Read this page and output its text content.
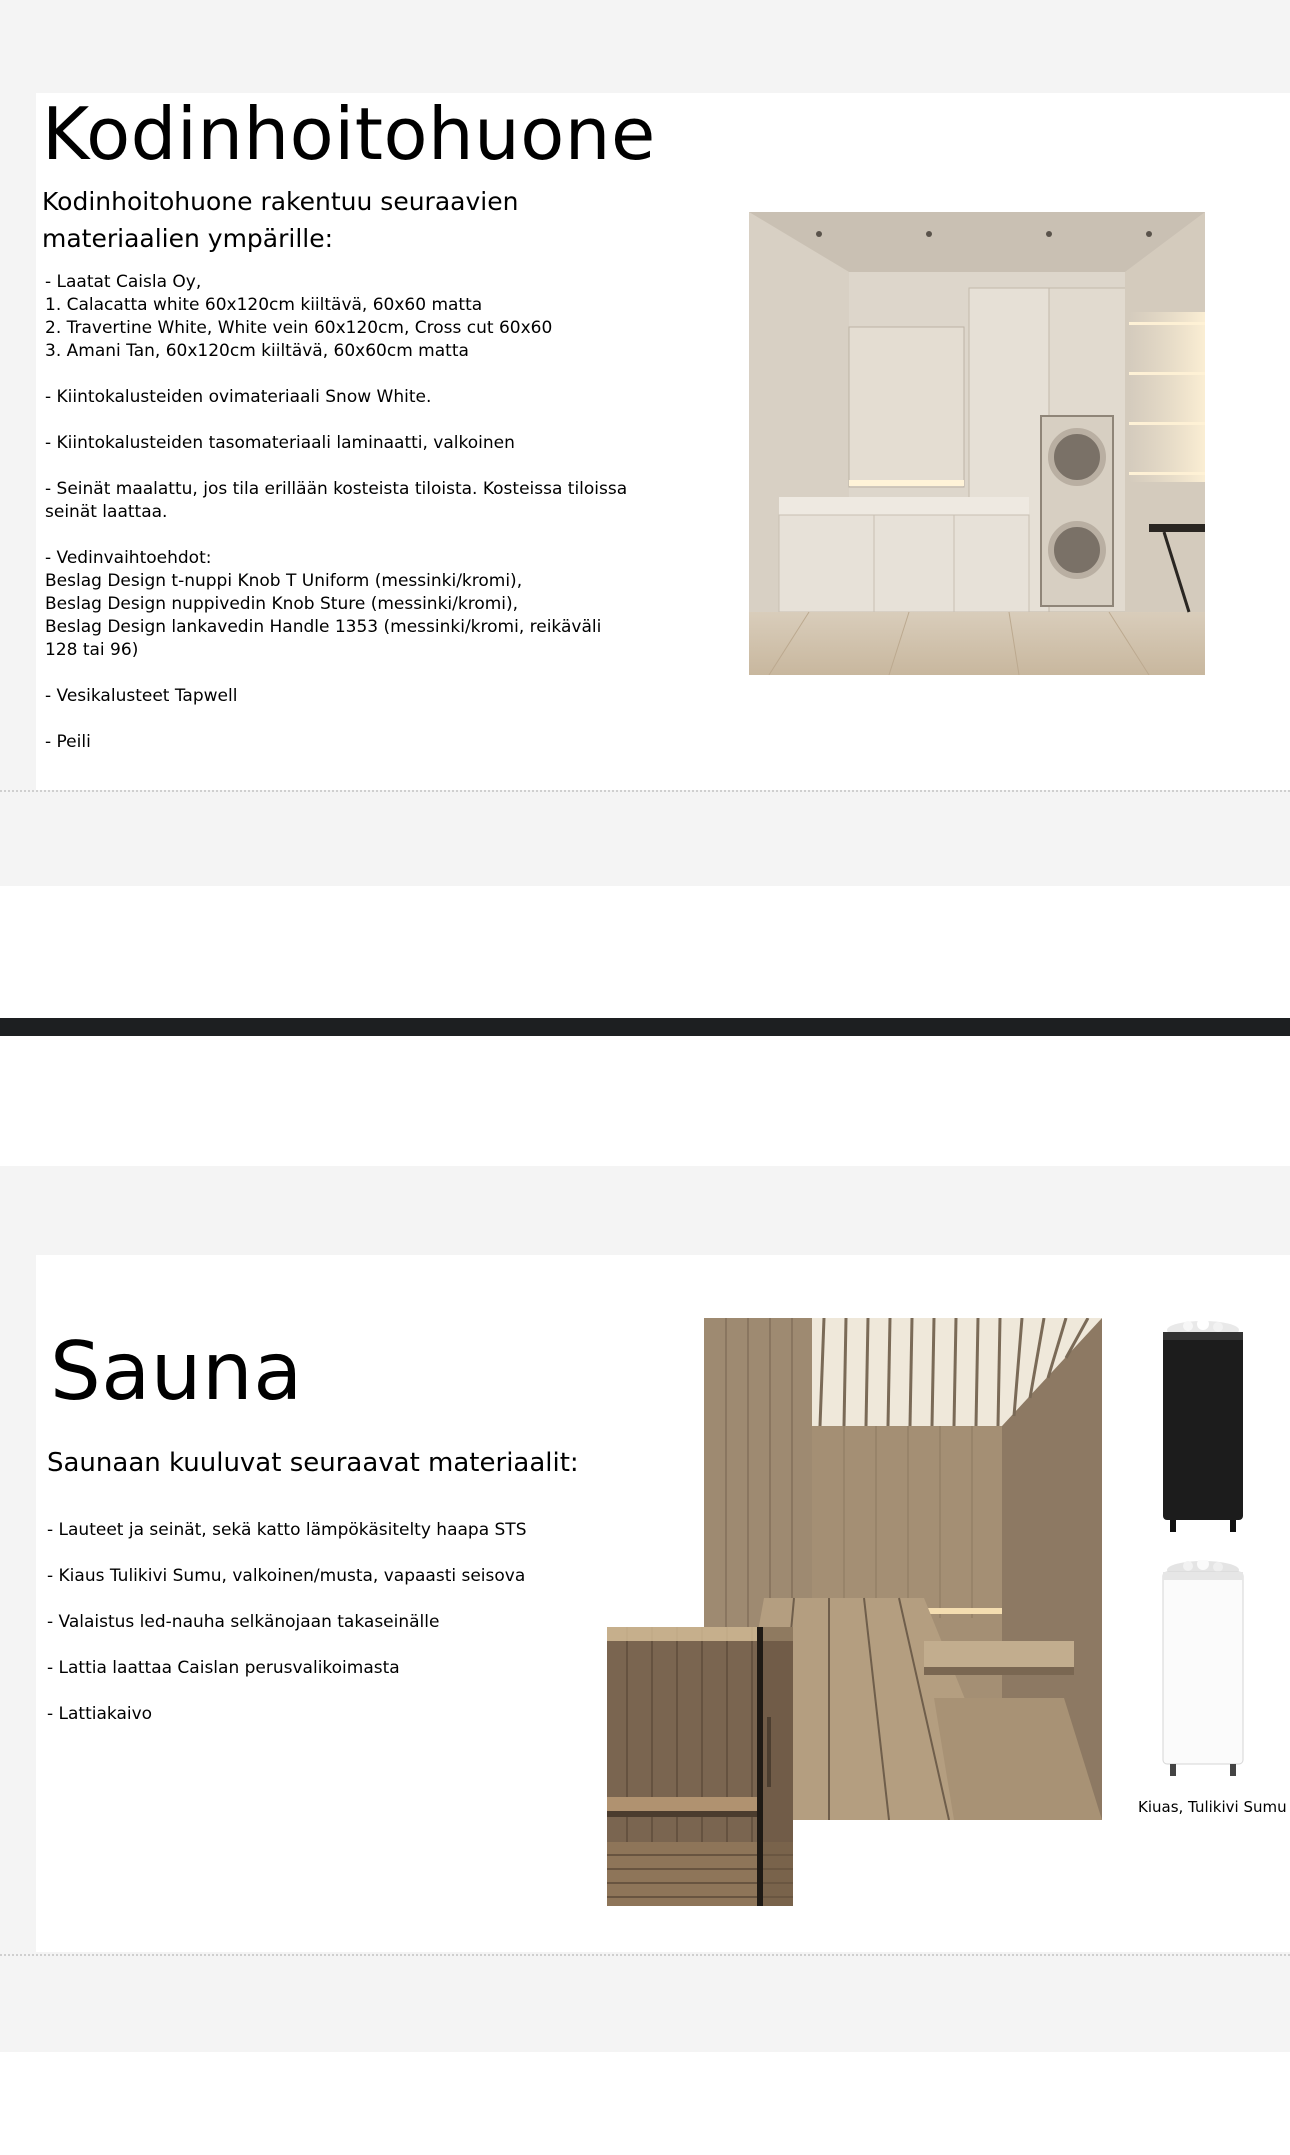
Kodinhoitohuone
Kodinhoitohuone rakentuu seuraavien materiaalien ympärille:

- Laatat Caisla Oy,
1. Calacatta white 60x120cm kiiltävä, 60x60 matta
2. Travertine White, White vein 60x120cm, Cross cut 60x60
3. Amani Tan, 60x120cm kiiltävä, 60x60cm matta

- Kiintokalusteiden ovimateriaali Snow White.

- Kiintokalusteiden tasomateriaali laminaatti, valkoinen

- Seinät maalattu, jos tila erillään kosteista tiloista. Kosteissa tiloissa seinät laattaa.

- Vedinvaihtoehdot:
Beslag Design t-nuppi Knob T Uniform (messinki/kromi),
Beslag Design nuppivedin Knob Sture (messinki/kromi),
Beslag Design lankavedin Handle 1353 (messinki/kromi, reikäväli 128 tai 96)

- Vesikalusteet Tapwell

- Peili

Sauna
Saunaan kuuluvat seuraavat materiaalit:

- Lauteet ja seinät, sekä katto lämpökäsitelty haapa STS

- Kiaus Tulikivi Sumu, valkoinen/musta, vapaasti seisova

- Valaistus led-nauha selkänojaan takaseinälle

- Lattia laattaa Caislan perusvalikoimasta

- Lattiakaivo

Kiuas, Tulikivi Sumu
